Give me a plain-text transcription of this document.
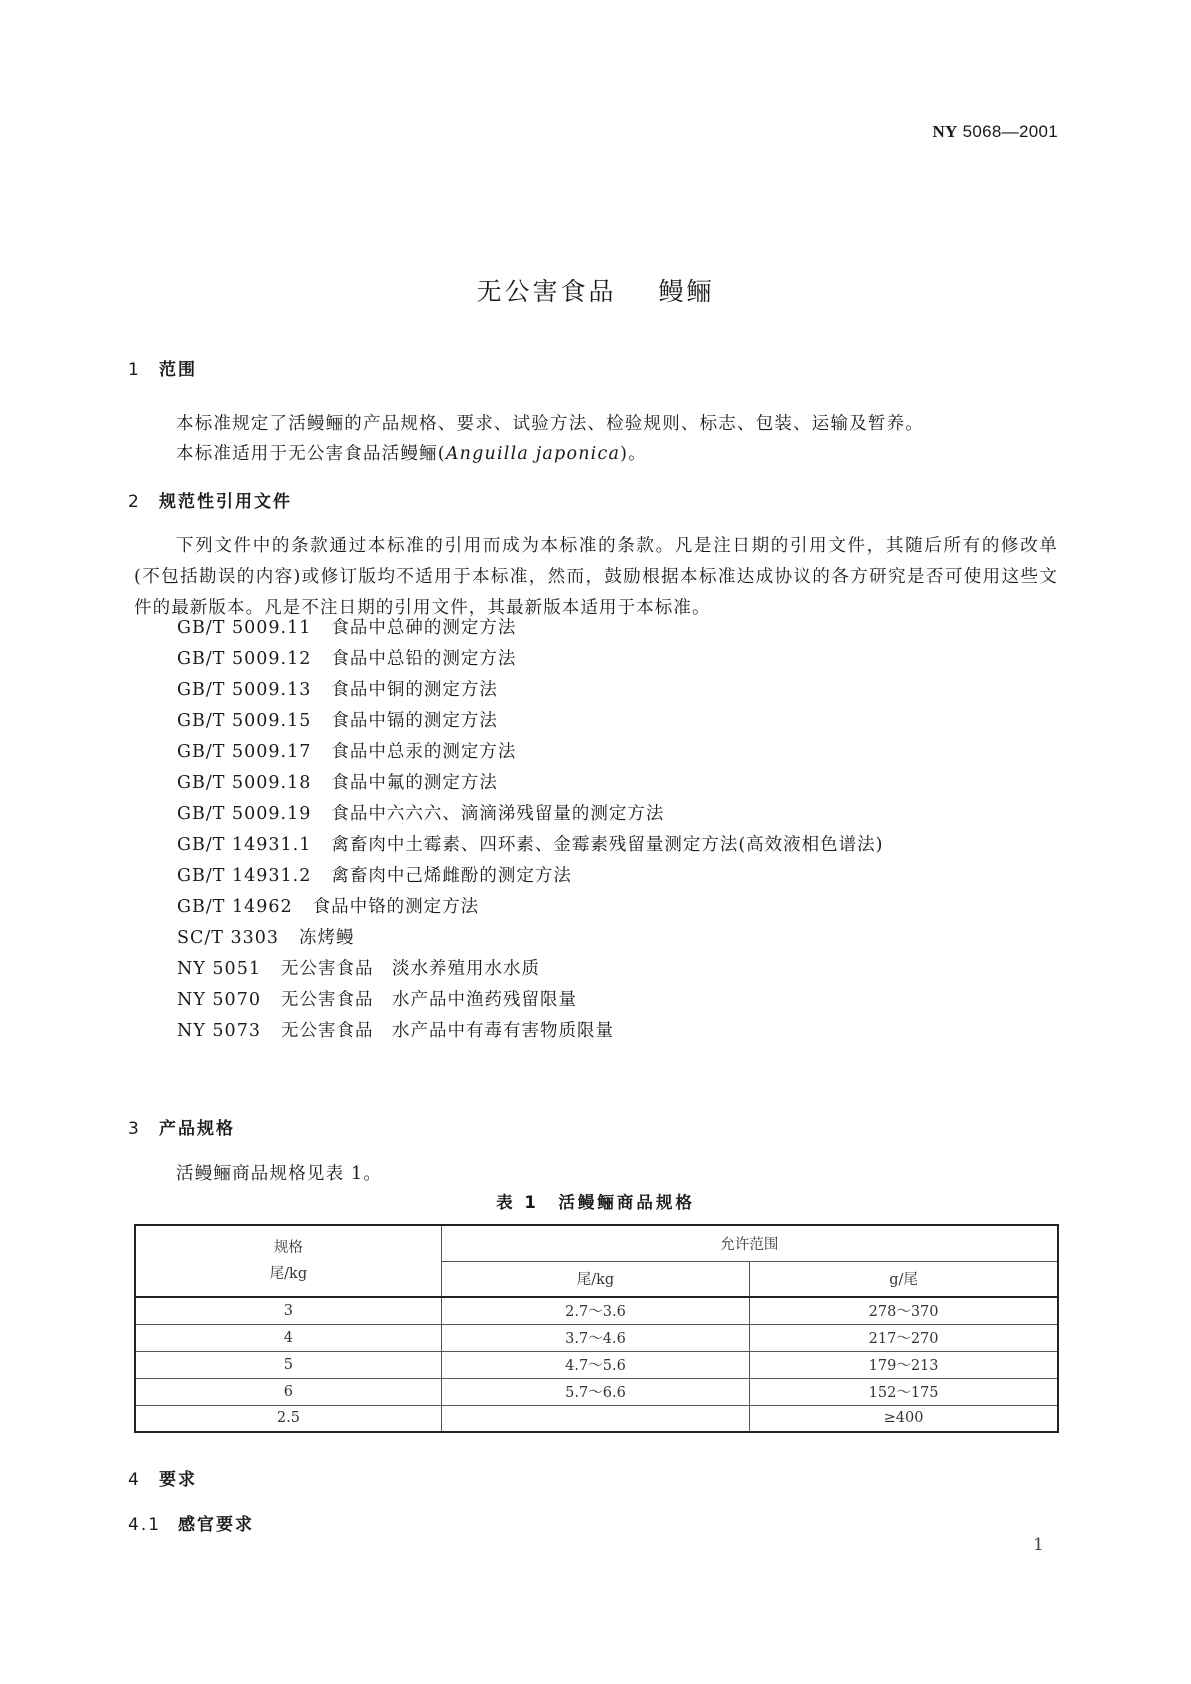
NY 5068—2001
无公害食品 鳗鲡
1 范围
本标准规定了活鳗鲡的产品规格、要求、试验方法、检验规则、标志、包装、运输及暂养。
本标准适用于无公害食品活鳗鲡(Anguilla japonica)。
2 规范性引用文件
下列文件中的条款通过本标准的引用而成为本标准的条款。凡是注日期的引用文件，其随后所有的修改单(不包括勘误的内容)或修订版均不适用于本标准，然而，鼓励根据本标准达成协议的各方研究是否可使用这些文件的最新版本。凡是不注日期的引用文件，其最新版本适用于本标准。
GB/T 5009.11 食品中总砷的测定方法
GB/T 5009.12 食品中总铅的测定方法
GB/T 5009.13 食品中铜的测定方法
GB/T 5009.15 食品中镉的测定方法
GB/T 5009.17 食品中总汞的测定方法
GB/T 5009.18 食品中氟的测定方法
GB/T 5009.19 食品中六六六、滴滴涕残留量的测定方法
GB/T 14931.1 禽畜肉中土霉素、四环素、金霉素残留量测定方法(高效液相色谱法)
GB/T 14931.2 禽畜肉中己烯雌酚的测定方法
GB/T 14962 食品中铬的测定方法
SC/T 3303 冻烤鳗
NY 5051 无公害食品　淡水养殖用水水质
NY 5070 无公害食品　水产品中渔药残留限量
NY 5073 无公害食品　水产品中有毒有害物质限量
3 产品规格
活鳗鲡商品规格见表 1。
表 1　活鳗鲡商品规格
规格
尾/kg	允许范围	
	尾/kg	g/尾
3	2.7～3.6	278～370
4	3.7～4.6	217～270
5	4.7～5.6	179～213
6	5.7～6.6	152～175
2.5		≥400
4 要求
4.1 感官要求
1
